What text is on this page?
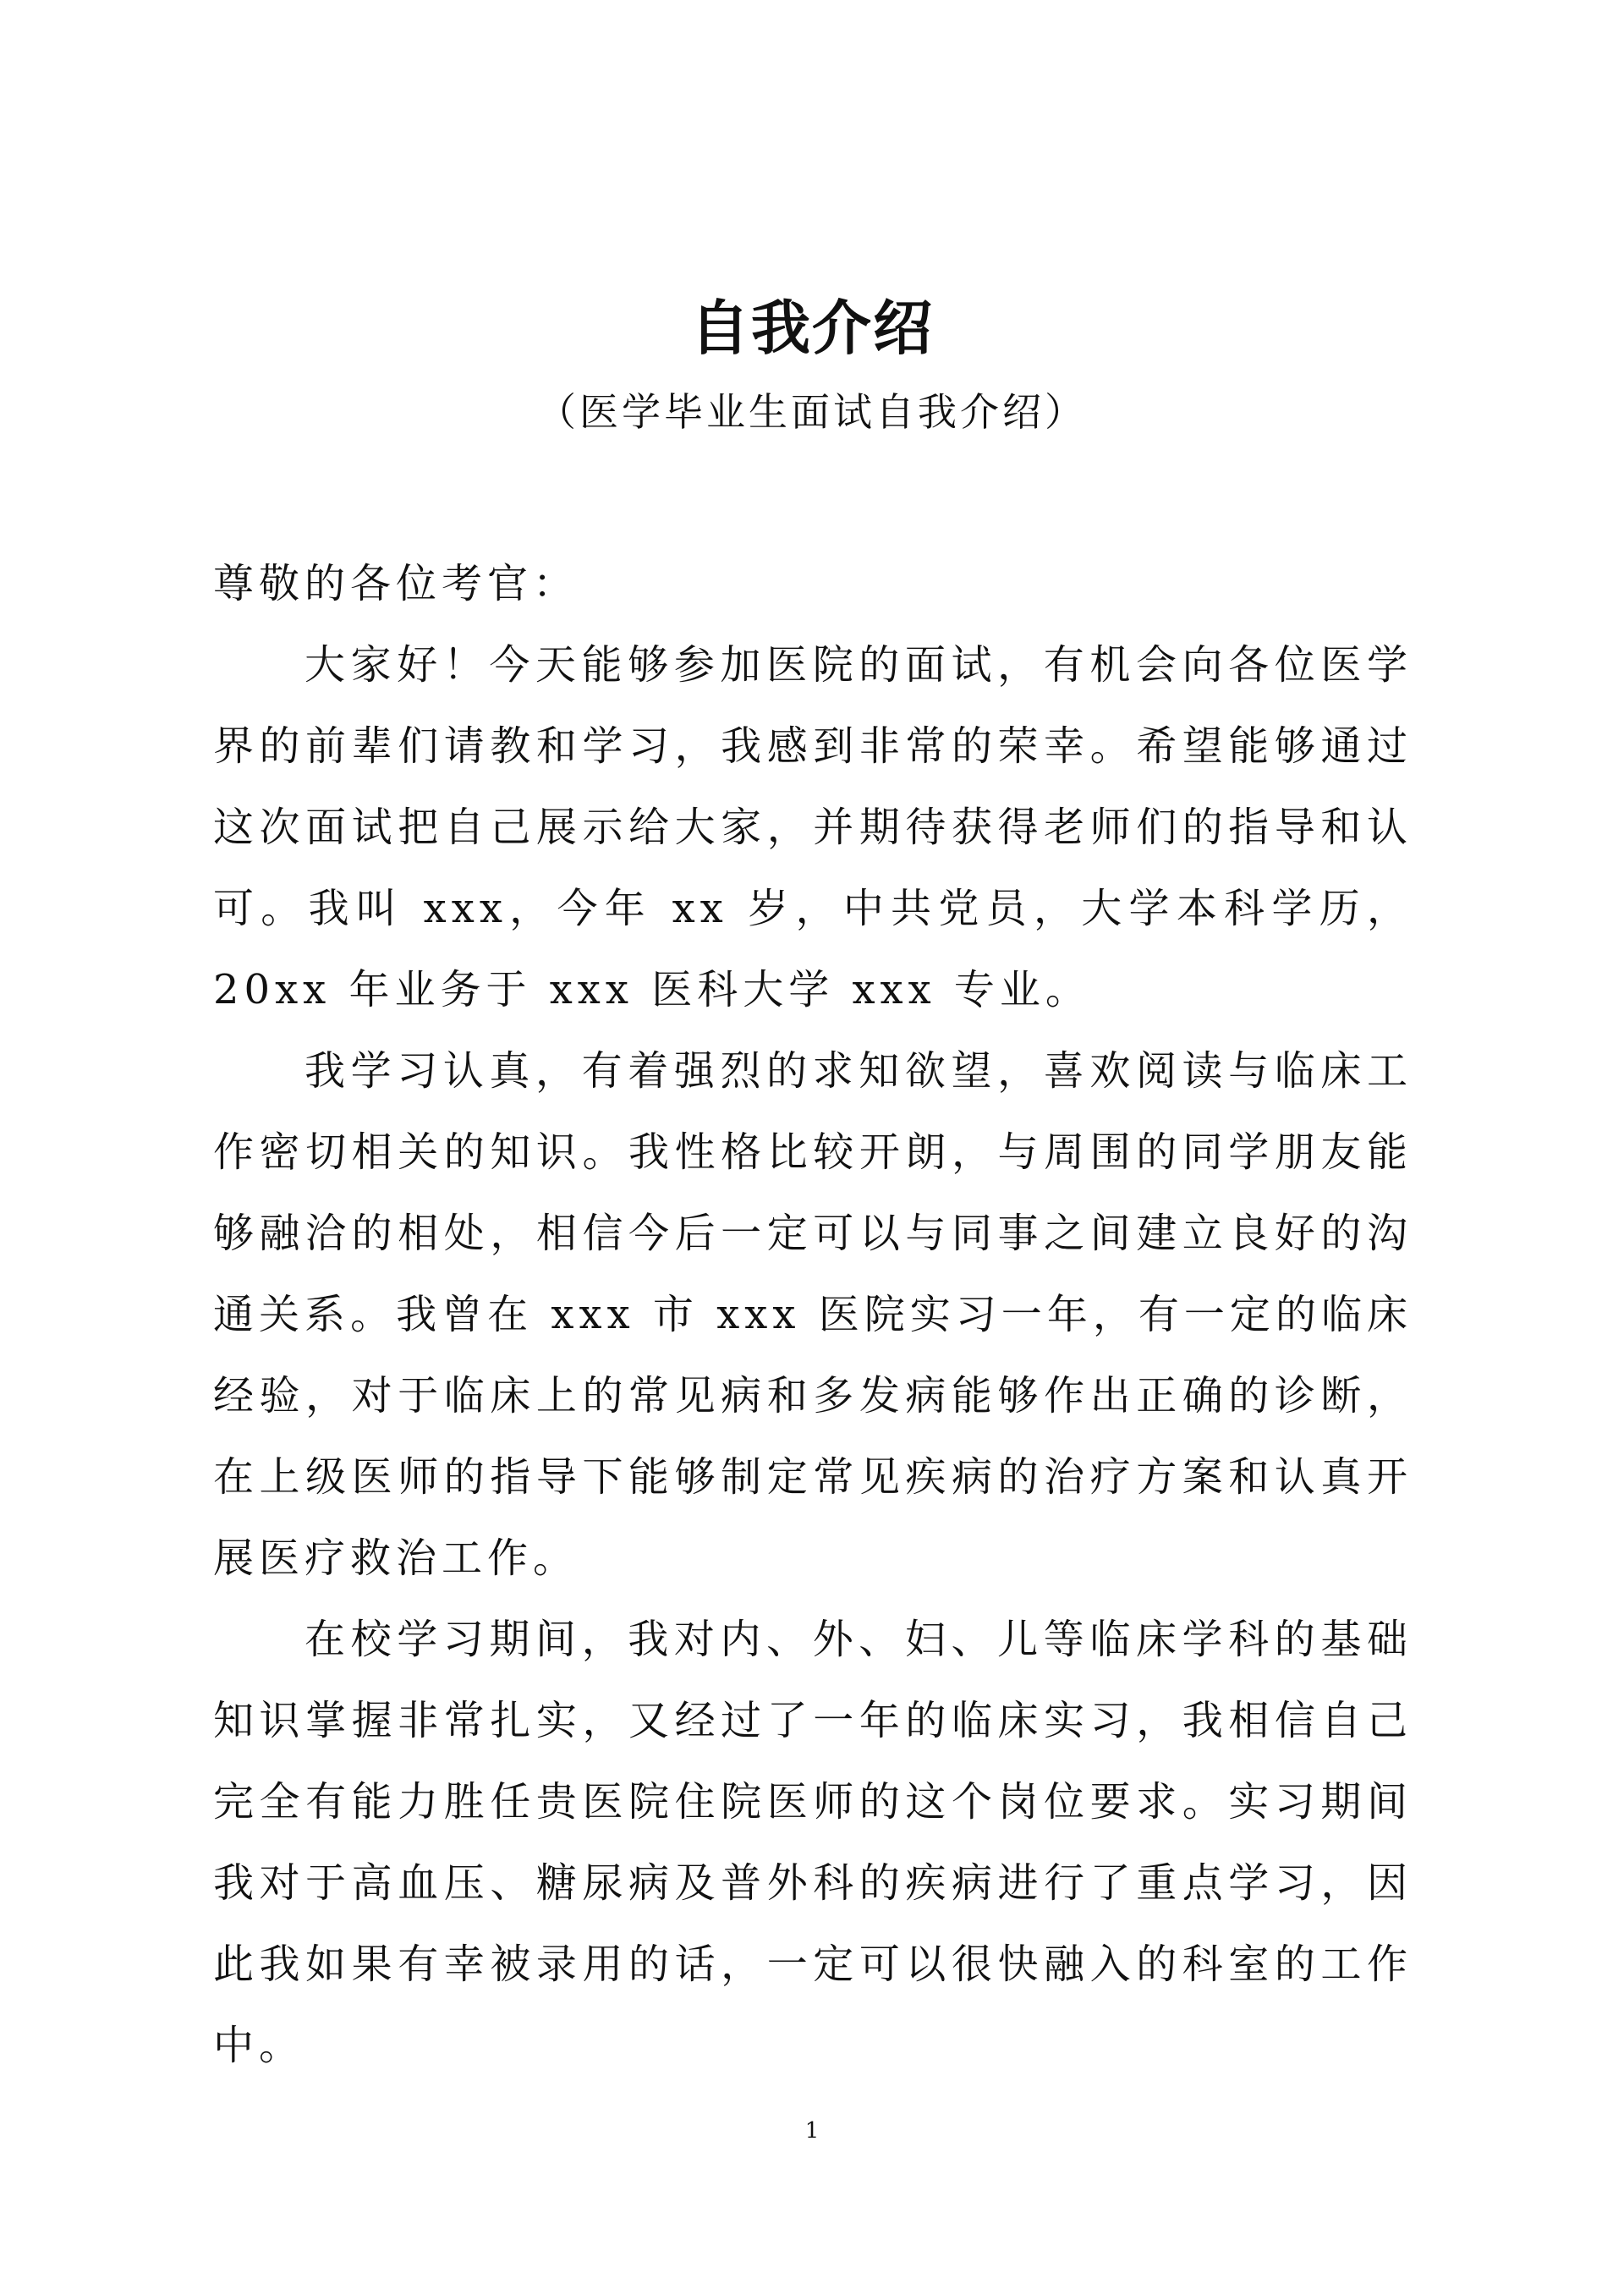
自我介绍
（医学毕业生面试自我介绍）

尊敬的各位考官：

大家好！今天能够参加医院的面试，有机会向各位医学界的前辈们请教和学习，我感到非常的荣幸。希望能够通过这次面试把自己展示给大家，并期待获得老师们的指导和认可。我叫 xxx，今年 xx 岁，中共党员，大学本科学历，20xx 年业务于 xxx 医科大学 xxx 专业。

我学习认真，有着强烈的求知欲望，喜欢阅读与临床工作密切相关的知识。我性格比较开朗，与周围的同学朋友能够融洽的相处，相信今后一定可以与同事之间建立良好的沟通关系。我曾在 xxx 市 xxx 医院实习一年，有一定的临床经验，对于临床上的常见病和多发病能够作出正确的诊断，在上级医师的指导下能够制定常见疾病的治疗方案和认真开展医疗救治工作。

在校学习期间，我对内、外、妇、儿等临床学科的基础知识掌握非常扎实，又经过了一年的临床实习，我相信自己完全有能力胜任贵医院住院医师的这个岗位要求。实习期间我对于高血压、糖尿病及普外科的疾病进行了重点学习，因此我如果有幸被录用的话，一定可以很快融入的科室的工作中。

1
